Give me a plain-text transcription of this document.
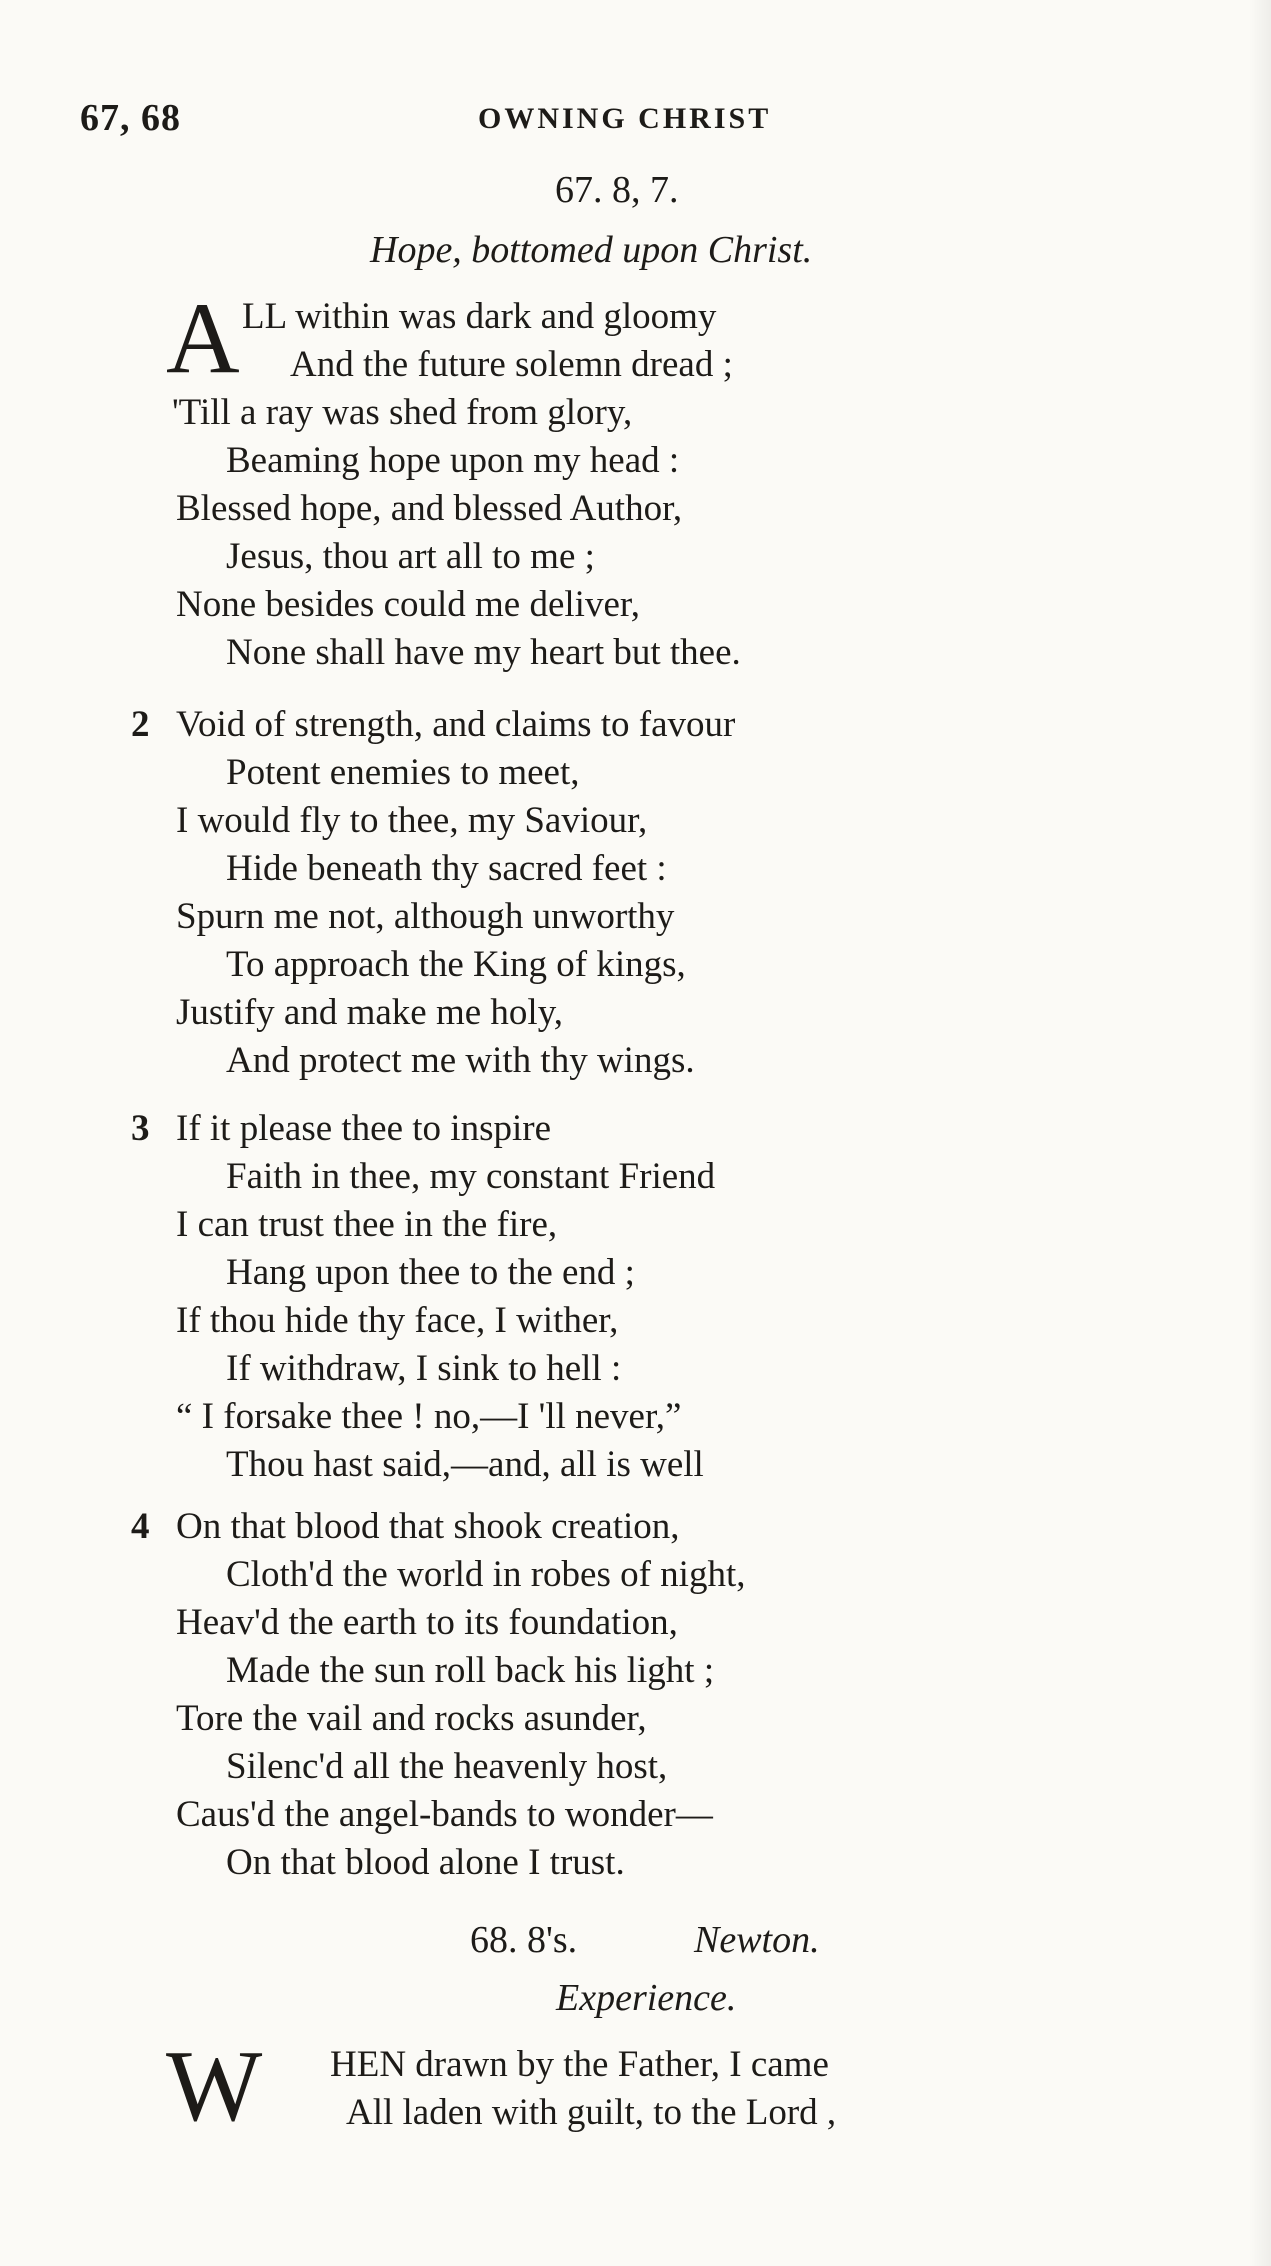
67, 68	OWNING CHRIST
67. 8, 7.
Hope, bottomed upon Christ.
A LL within was dark and gloomy
And the future solemn dread ;
'Till a ray was shed from glory,
Beaming hope upon my head :
Blessed hope, and blessed Author,
Jesus, thou art all to me ;
None besides could me deliver,
None shall have my heart but thee.
2 Void of strength, and claims to favour
Potent enemies to meet,
I would fly to thee, my Saviour,
Hide beneath thy sacred feet :
Spurn me not, although unworthy
To approach the King of kings,
Justify and make me holy,
And protect me with thy wings.
3 If it please thee to inspire
Faith in thee, my constant Friend
I can trust thee in the fire,
Hang upon thee to the end ;
If thou hide thy face, I wither,
If withdraw, I sink to hell :
“ I forsake thee ! no,—I 'll never,”
Thou hast said,—and, all is well
4 On that blood that shook creation,
Cloth'd the world in robes of night,
Heav'd the earth to its foundation,
Made the sun roll back his light ;
Tore the vail and rocks asunder,
Silenc'd all the heavenly host,
Caus'd the angel-bands to wonder—
On that blood alone I trust.
68. 8's.	Newton.
Experience.
W HEN drawn by the Father, I came
All laden with guilt, to the Lord ,
